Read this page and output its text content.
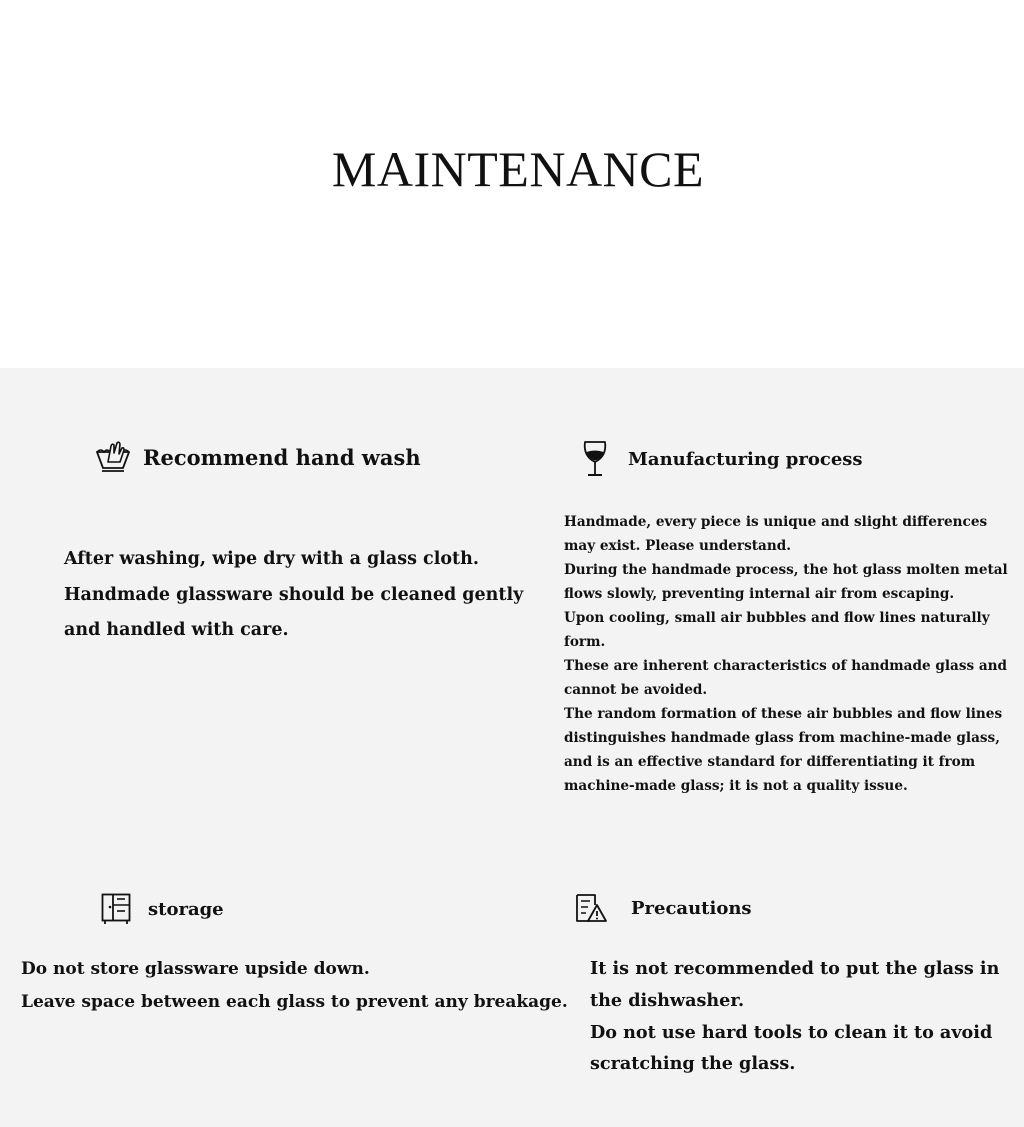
MAINTENANCE
Recommend hand wash
After washing, wipe dry with a glass cloth.
Handmade glassware should be cleaned gently
and handled with care.
Manufacturing process
Handmade, every piece is unique and slight differences
may exist. Please understand.
During the handmade process, the hot glass molten metal
flows slowly, preventing internal air from escaping.
Upon cooling, small air bubbles and flow lines naturally
form.
These are inherent characteristics of handmade glass and
cannot be avoided.
The random formation of these air bubbles and flow lines
distinguishes handmade glass from machine-made glass,
and is an effective standard for differentiating it from
machine-made glass; it is not a quality issue.
storage
Do not store glassware upside down.
Leave space between each glass to prevent any breakage.
Precautions
It is not recommended to put the glass in
the dishwasher.
Do not use hard tools to clean it to avoid
scratching the glass.
